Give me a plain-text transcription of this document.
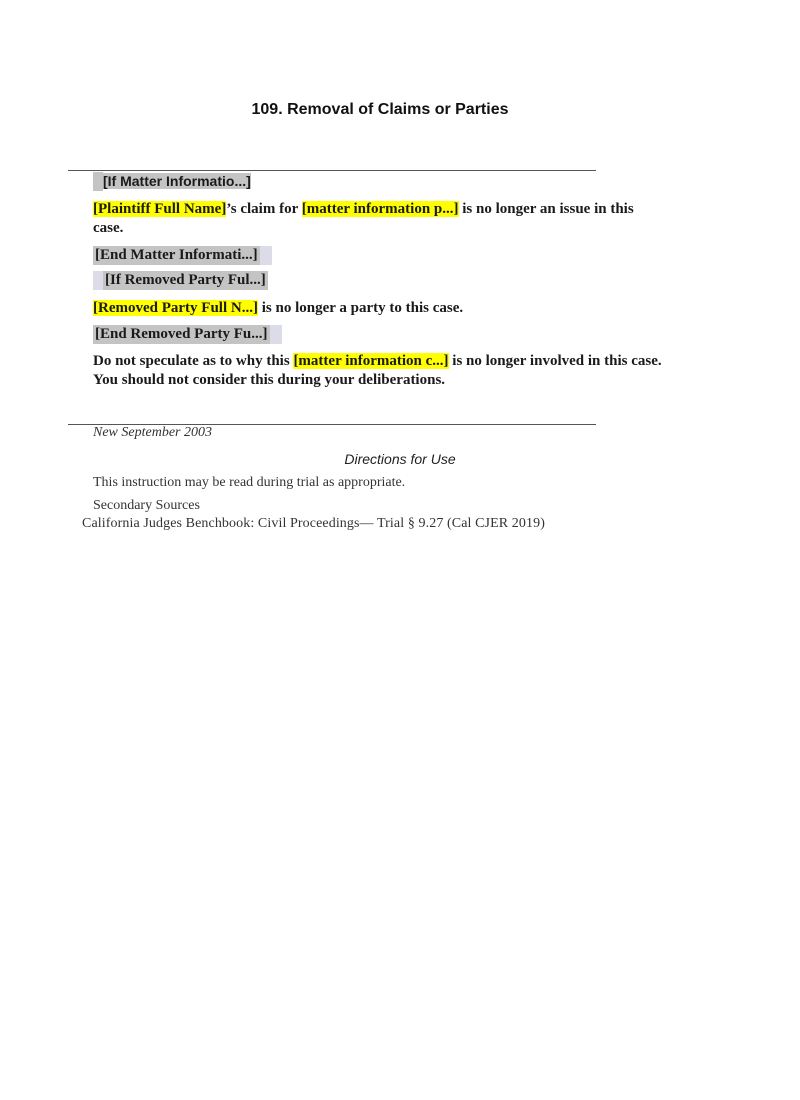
109. Removal of Claims or Parties
[If Matter Informatio...]
[Plaintiff Full Name]’s claim for [matter information p...] is no longer an issue in this
case.
[End Matter Informati...]
[If Removed Party Ful...]
[Removed Party Full N...] is no longer a party to this case.
[End Removed Party Fu...]
Do not speculate as to why this [matter information c...] is no longer involved in this case.
You should not consider this during your deliberations.
New September 2003
Directions for Use
This instruction may be read during trial as appropriate.
Secondary Sources
California Judges Benchbook: Civil Proceedings— Trial § 9.27 (Cal CJER 2019)
